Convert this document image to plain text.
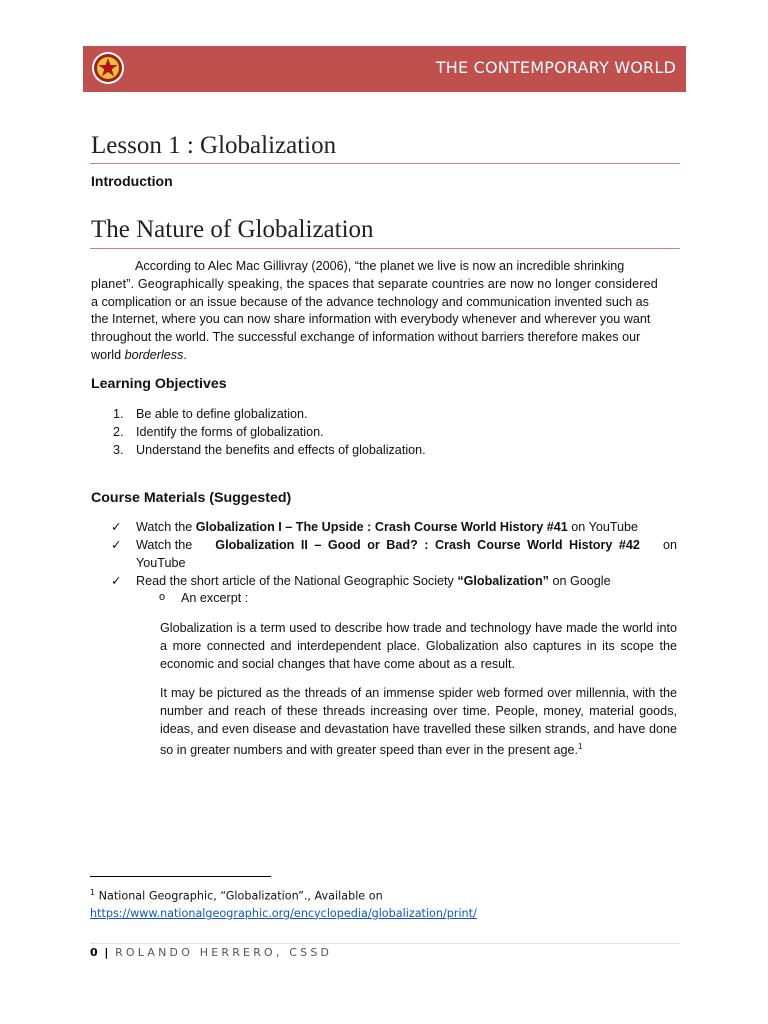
THE CONTEMPORARY WORLD
Lesson 1 : Globalization
Introduction
The Nature of Globalization
According to Alec Mac Gillivray (2006), “the planet we live is now an incredible shrinking
planet”. Geographically speaking, the spaces that separate countries are now no longer considered
a complication or an issue because of the advance technology and communication invented such as
the Internet, where you can now share information with everybody whenever and wherever you want
throughout the world. The successful exchange of information without barriers therefore makes our
world borderless.
Learning Objectives
1. Be able to define globalization.
2. Identify the forms of globalization.
3. Understand the benefits and effects of globalization.
Course Materials (Suggested)
✓ Watch the Globalization I – The Upside : Crash Course World History #41 on YouTube
✓ Watch the Globalization II – Good or Bad? : Crash Course World History #42 on
YouTube
✓ Read the short article of the National Geographic Society “Globalization” on Google
o An excerpt :

Globalization is a term used to describe how trade and technology have made the world into a more connected and interdependent place. Globalization also captures in its scope the economic and social changes that have come about as a result.

It may be pictured as the threads of an immense spider web formed over millennia, with the number and reach of these threads increasing over time. People, money, material goods, ideas, and even disease and devastation have travelled these silken strands, and have done so in greater numbers and with greater speed than ever in the present age.$^1$

$^1$ National Geographic, “Globalization”., Available on
https://www.nationalgeographic.org/encyclopedia/globalization/print/
0 | ROLANDO HERRERO, CSSD
